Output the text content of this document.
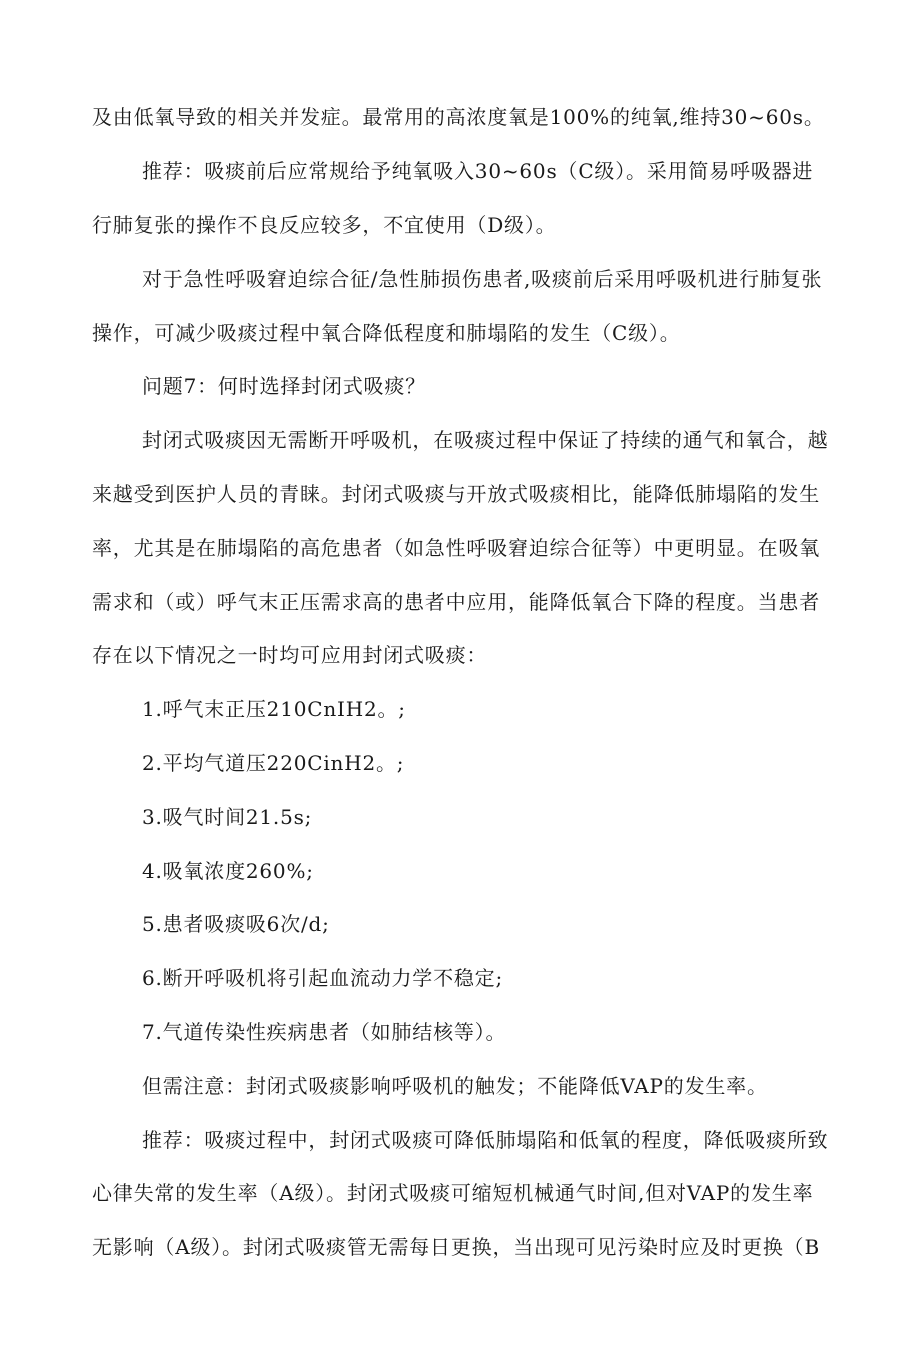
及由低氧导致的相关并发症。最常用的高浓度氧是100%的纯氧,维持30~60s。
推荐：吸痰前后应常规给予纯氧吸入30~60s（C级）。采用简易呼吸器进
行肺复张的操作不良反应较多，不宜使用（D级）。
对于急性呼吸窘迫综合征/急性肺损伤患者,吸痰前后采用呼吸机进行肺复张
操作，可减少吸痰过程中氧合降低程度和肺塌陷的发生（C级）。
问题7：何时选择封闭式吸痰？
封闭式吸痰因无需断开呼吸机，在吸痰过程中保证了持续的通气和氧合，越
来越受到医护人员的青睐。封闭式吸痰与开放式吸痰相比，能降低肺塌陷的发生
率，尤其是在肺塌陷的高危患者（如急性呼吸窘迫综合征等）中更明显。在吸氧
需求和（或）呼气末正压需求高的患者中应用，能降低氧合下降的程度。当患者
存在以下情况之一时均可应用封闭式吸痰：
1.呼气末正压210CnIH2。;
2.平均气道压220CinH2。;
3.吸气时间21.5s;
4.吸氧浓度260%;
5.患者吸痰吸6次/d;
6.断开呼吸机将引起血流动力学不稳定;
7.气道传染性疾病患者（如肺结核等）。
但需注意：封闭式吸痰影响呼吸机的触发；不能降低VAP的发生率。
推荐：吸痰过程中，封闭式吸痰可降低肺塌陷和低氧的程度，降低吸痰所致
心律失常的发生率（A级）。封闭式吸痰可缩短机械通气时间,但对VAP的发生率
无影响（A级）。封闭式吸痰管无需每日更换，当出现可见污染时应及时更换（B
